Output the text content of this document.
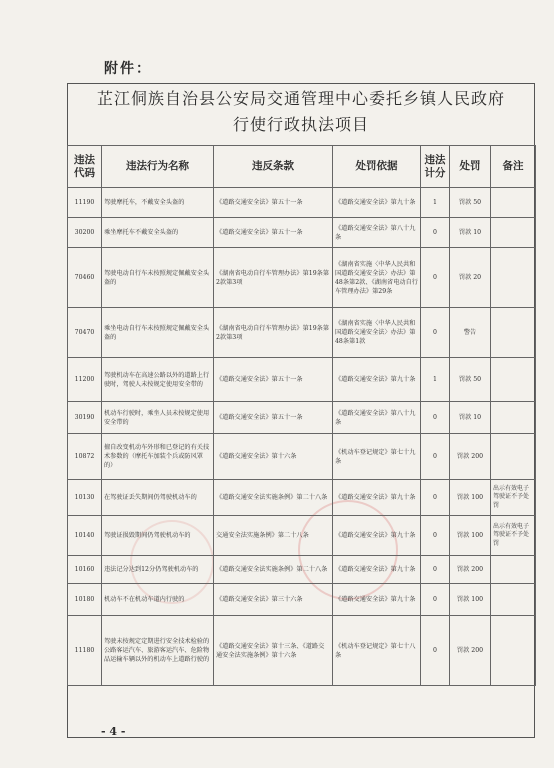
附件：
芷江侗族自治县公安局交通管理中心委托乡镇人民政府
行使行政执法项目
违法代码	违法行为名称	违反条款	处罚依据	违法计分	处罚	备注
11190	驾驶摩托车，不戴安全头盔的	《道路交通安全法》第五十一条	《道路交通安全法》第九十条	1	罚款 50	
30200	乘坐摩托车不戴安全头盔的	《道路交通安全法》第五十一条	《道路交通安全法》第八十九条	0	罚款 10	
70460	驾驶电动自行车未按照规定佩戴安全头盔的	《湖南省电动自行车管理办法》第19条第2款第3项	《湖南省实施〈中华人民共和国道路交通安全法〉办法》第48条第2款、《湖南省电动自行车管理办法》第29条	0	罚款 20	
70470	乘坐电动自行车未按照规定佩戴安全头盔的	《湖南省电动自行车管理办法》第19条第2款第3项	《湖南省实施〈中华人民共和国道路交通安全法〉办法》第48条第1款	0	警告	
11200	驾驶机动车在高速公路以外的道路上行驶时，驾驶人未按规定使用安全带的	《道路交通安全法》第五十一条	《道路交通安全法》第九十条	1	罚款 50	
30190	机动车行驶时，乘坐人员未按规定使用安全带的	《道路交通安全法》第五十一条	《道路交通安全法》第八十九条	0	罚款 10	
10872	擅自改变机动车外形和已登记的有关技术参数的（摩托车加装个兵或防风罩的）	《道路交通安全法》第十六条	《机动车登记规定》第七十九条	0	罚款 200	
10130	在驾驶证丢失期间仍驾驶机动车的	《道路交通安全法实施条例》第二十八条	《道路交通安全法》第九十条	0	罚款 100	出示有效电子驾驶证不予处罚
10140	驾驶证损毁期间仍驾驶机动车的	交通安全法实施条例》第二十八条	《道路交通安全法》第九十条	0	罚款 100	出示有效电子驾驶证不予处罚
10160	违法记分达到12分仍驾驶机动车的	《道路交通安全法实施条例》第二十八条	《道路交通安全法》第九十条	0	罚款 200	
10180	机动车不在机动车道内行驶的	《道路交通安全法》第三十六条	《道路交通安全法》第九十条	0	罚款 100	
11180	驾驶未按规定定期进行安全技术检验的公路客运汽车、旅游客运汽车、危险物品运输车辆以外的机动车上道路行驶的	《道路交通安全法》第十三条、《道路交通安全法实施条例》第十六条	《机动车登记规定》第七十八条	0	罚款 200	
- 4 -
